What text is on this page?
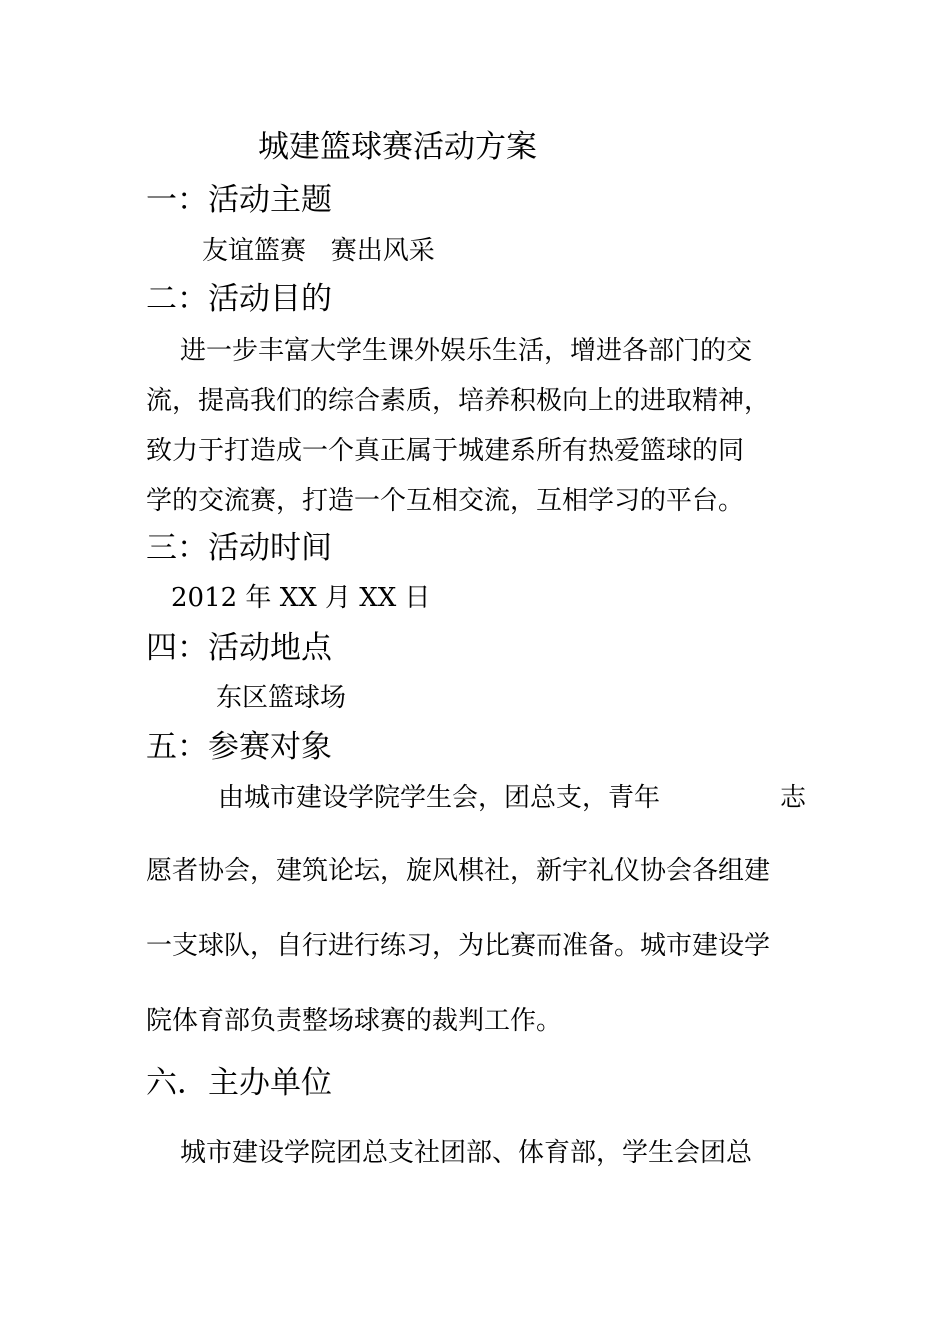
城建篮球赛活动方案
一：活动主题
友谊篮赛   赛出风采
二：活动目的
进一步丰富大学生课外娱乐生活，增进各部门的交
流，提高我们的综合素质，培养积极向上的进取精神，
致力于打造成一个真正属于城建系所有热爱篮球的同
学的交流赛，打造一个互相交流，互相学习的平台。
三：活动时间
2012 年 XX 月 XX 日
四：活动地点
东区篮球场
五：参赛对象
由城市建设学院学生会，团总支，青年	志
愿者协会，建筑论坛，旋风棋社，新宇礼仪协会各组建
一支球队，自行进行练习，为比赛而准备。城市建设学
院体育部负责整场球赛的裁判工作。
六．主办单位
城市建设学院团总支社团部、体育部，学生会团总
